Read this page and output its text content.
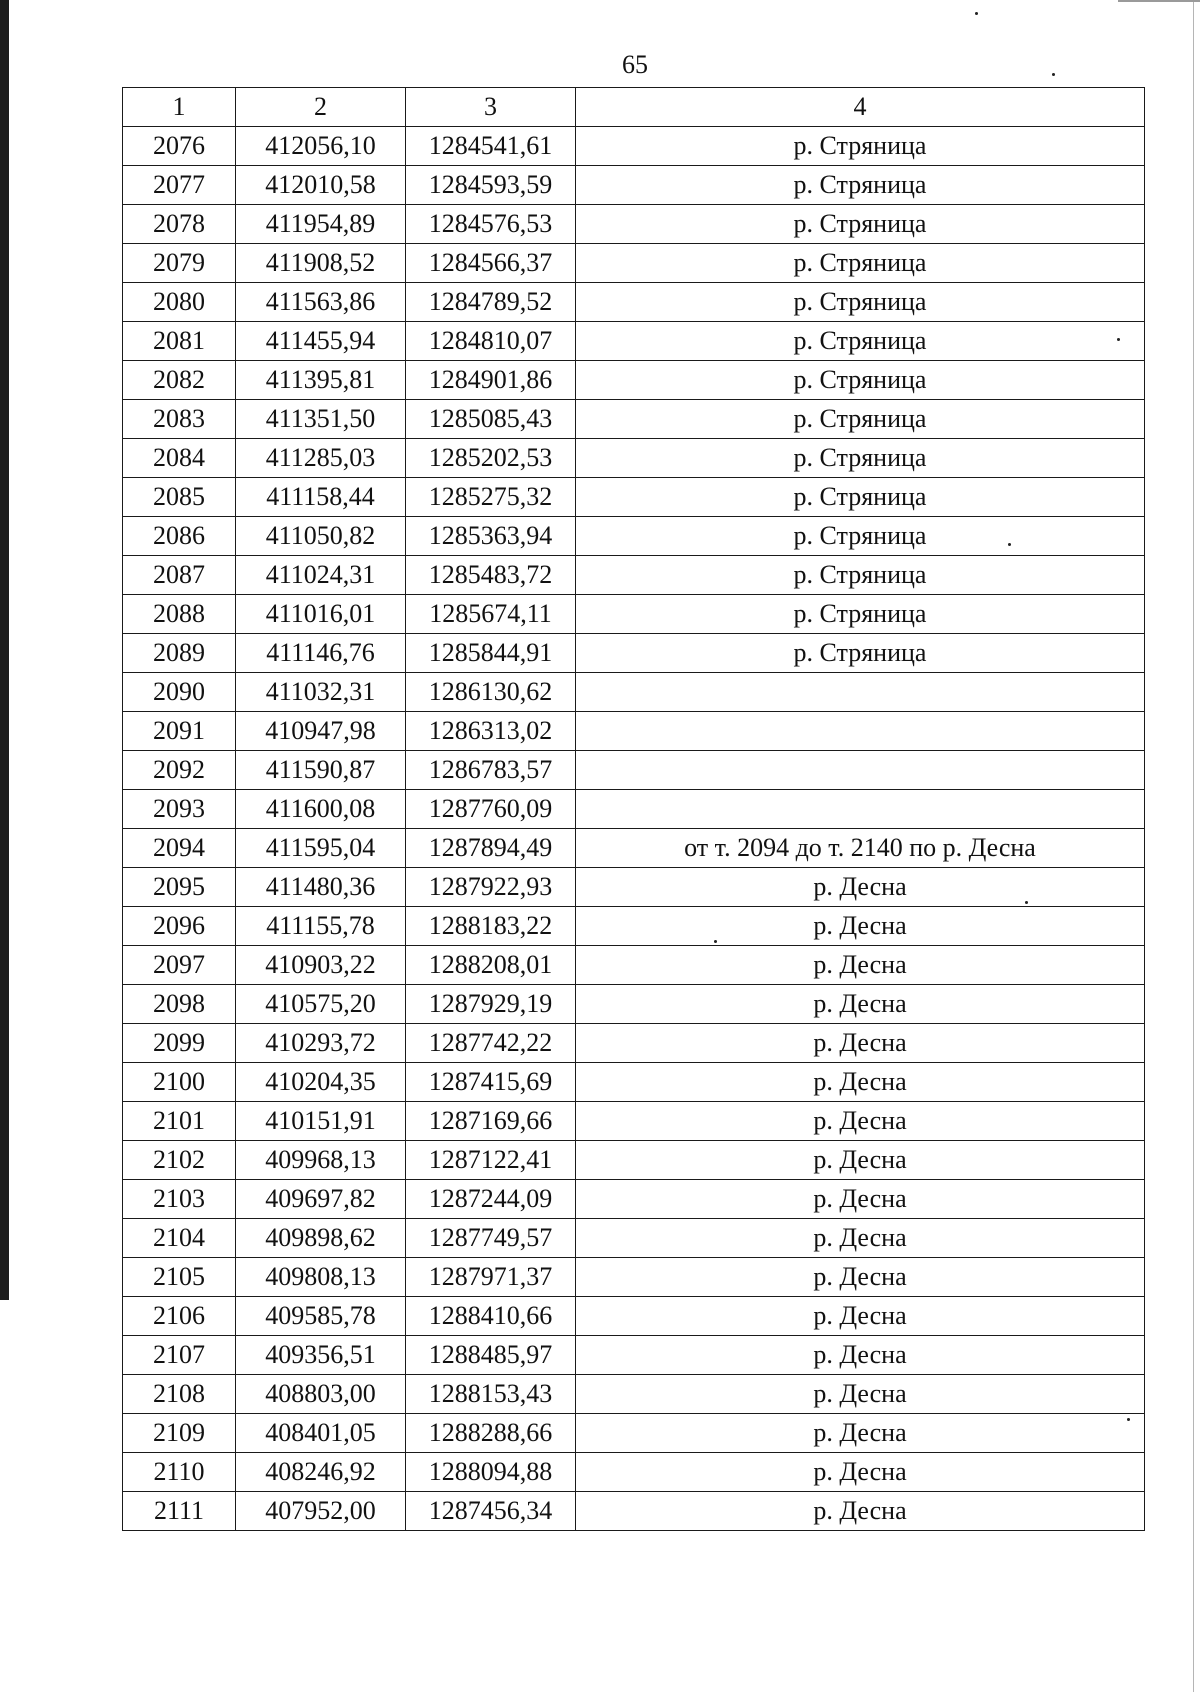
65
1	2	3	4
2076	412056,10	1284541,61	р. Стряница
2077	412010,58	1284593,59	р. Стряница
2078	411954,89	1284576,53	р. Стряница
2079	411908,52	1284566,37	р. Стряница
2080	411563,86	1284789,52	р. Стряница
2081	411455,94	1284810,07	р. Стряница
2082	411395,81	1284901,86	р. Стряница
2083	411351,50	1285085,43	р. Стряница
2084	411285,03	1285202,53	р. Стряница
2085	411158,44	1285275,32	р. Стряница
2086	411050,82	1285363,94	р. Стряница
2087	411024,31	1285483,72	р. Стряница
2088	411016,01	1285674,11	р. Стряница
2089	411146,76	1285844,91	р. Стряница
2090	411032,31	1286130,62	
2091	410947,98	1286313,02	
2092	411590,87	1286783,57	
2093	411600,08	1287760,09	
2094	411595,04	1287894,49	от т. 2094 до т. 2140 по р. Десна
2095	411480,36	1287922,93	р. Десна
2096	411155,78	1288183,22	р. Десна
2097	410903,22	1288208,01	р. Десна
2098	410575,20	1287929,19	р. Десна
2099	410293,72	1287742,22	р. Десна
2100	410204,35	1287415,69	р. Десна
2101	410151,91	1287169,66	р. Десна
2102	409968,13	1287122,41	р. Десна
2103	409697,82	1287244,09	р. Десна
2104	409898,62	1287749,57	р. Десна
2105	409808,13	1287971,37	р. Десна
2106	409585,78	1288410,66	р. Десна
2107	409356,51	1288485,97	р. Десна
2108	408803,00	1288153,43	р. Десна
2109	408401,05	1288288,66	р. Десна
2110	408246,92	1288094,88	р. Десна
2111	407952,00	1287456,34	р. Десна
